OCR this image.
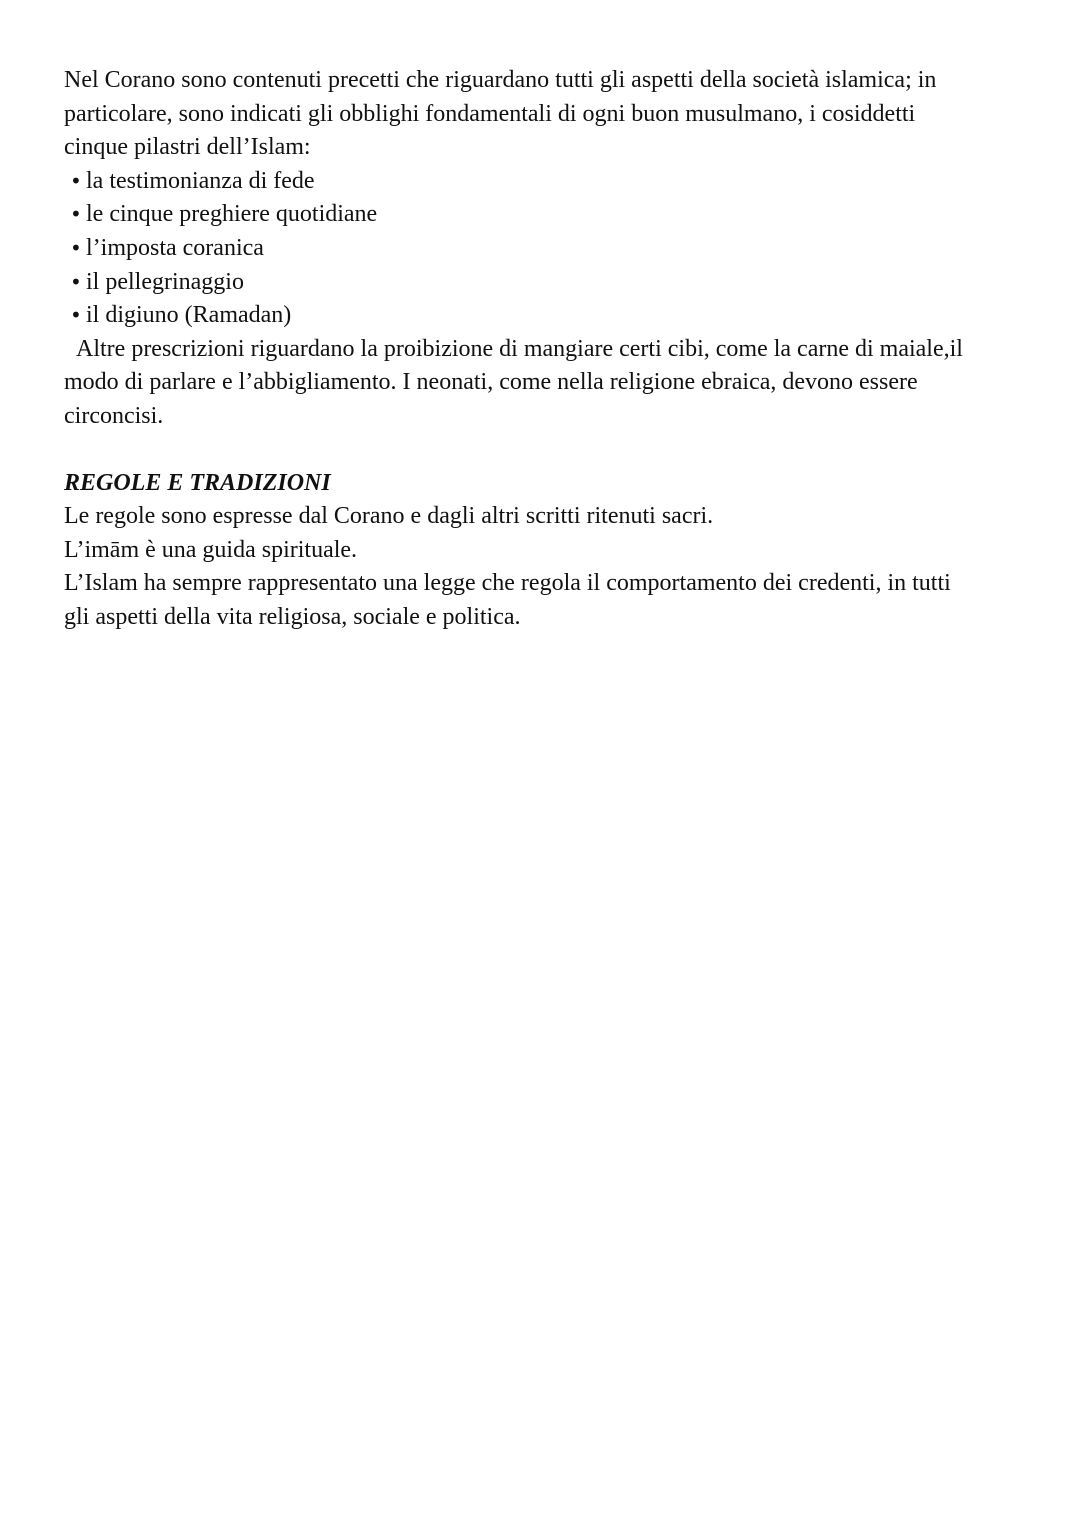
Nel Corano sono contenuti precetti che riguardano tutti gli aspetti della società islamica; in
particolare, sono indicati gli obblighi fondamentali di ogni buon musulmano, i cosiddetti
cinque pilastri dell’Islam:

• la testimonianza di fede
• le cinque preghiere quotidiane
• l’imposta coranica
• il pellegrinaggio
• il digiuno (Ramadan)

Altre prescrizioni riguardano la proibizione di mangiare certi cibi, come la carne di maiale,il
modo di parlare e l’abbigliamento. I neonati, come nella religione ebraica, devono essere
circoncisi.

REGOLE E TRADIZIONI
Le regole sono espresse dal Corano e dagli altri scritti ritenuti sacri.
L’imām è una guida spirituale.
L’Islam ha sempre rappresentato una legge che regola il comportamento dei credenti, in tutti
gli aspetti della vita religiosa, sociale e politica.
